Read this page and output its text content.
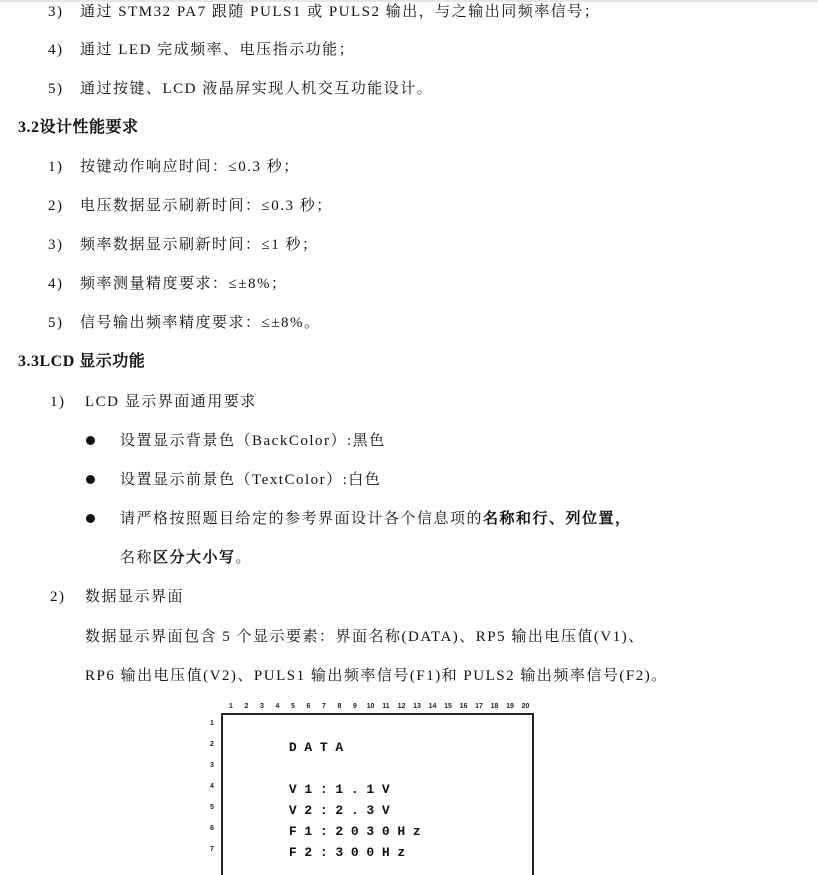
3) 通过 STM32 PA7 跟随 PULS1 或 PULS2 输出，与之输出同频率信号；
4) 通过 LED 完成频率、电压指示功能；
5) 通过按键、LCD 液晶屏实现人机交互功能设计。
3.2设计性能要求
1) 按键动作响应时间：≤0.3 秒；
2) 电压数据显示刷新时间：≤0.3 秒；
3) 频率数据显示刷新时间：≤1 秒；
4) 频率测量精度要求：≤±8%；
5) 信号输出频率精度要求：≤±8%。
3.3LCD 显示功能
1) LCD 显示界面通用要求
设置显示背景色（BackColor）:黑色
设置显示前景色（TextColor）:白色
请严格按照题目给定的参考界面设计各个信息项的名称和行、列位置，
名称区分大小写。
2) 数据显示界面
数据显示界面包含 5 个显示要素：界面名称(DATA)、RP5 输出电压值(V1)、
RP6 输出电压值(V2)、PULS1 输出频率信号(F1)和 PULS2 输出频率信号(F2)。
DATA
V1:1.1V
V2:2.3V
F1:2030Hz
F2:300Hz
1	2	3	4	5	6	7	8	9	10	11	12	13	14	15	16	17	18	19	20
1
2
3
4
5
6
7
